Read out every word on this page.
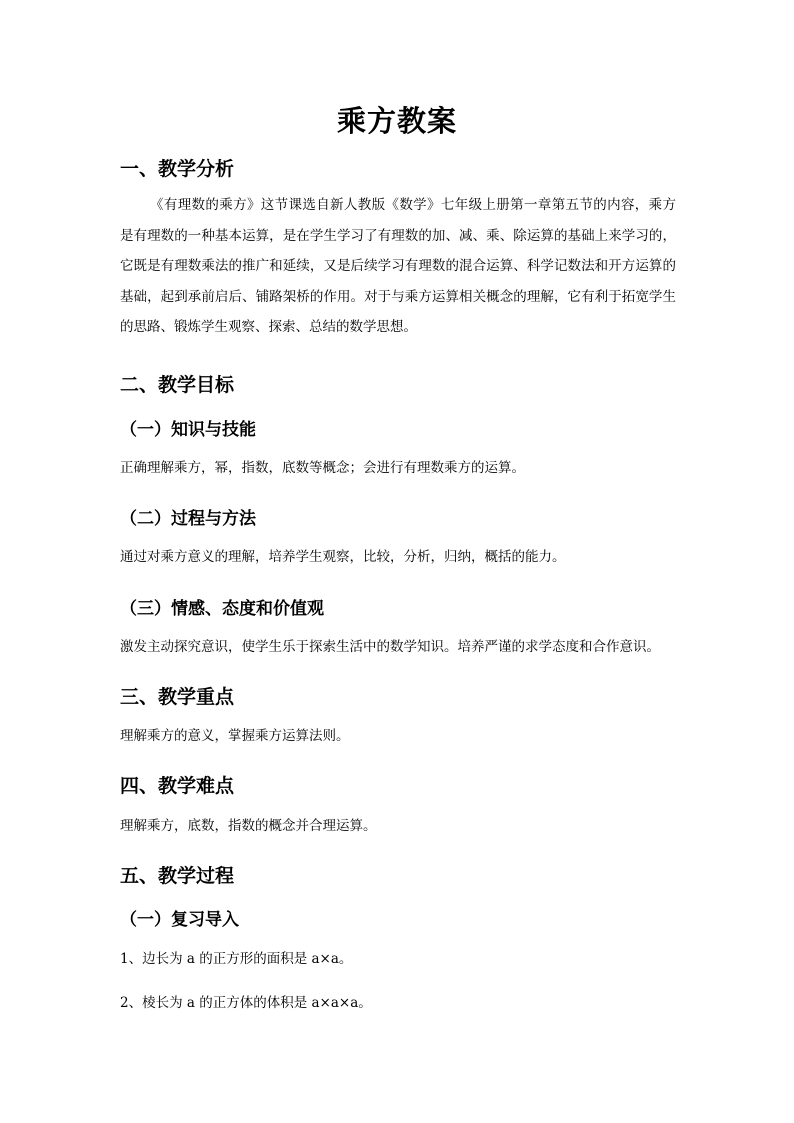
乘方教案
一、教学分析

《有理数的乘方》这节课选自新人教版《数学》七年级上册第一章第五节的内容，乘方是有理数的一种基本运算，是在学生学习了有理数的加、减、乘、除运算的基础上来学习的，它既是有理数乘法的推广和延续，又是后续学习有理数的混合运算、科学记数法和开方运算的基础，起到承前启后、铺路架桥的作用。对于与乘方运算相关概念的理解，它有利于拓宽学生的思路、锻炼学生观察、探索、总结的数学思想。

二、教学目标
（一）知识与技能

正确理解乘方，幂，指数，底数等概念；会进行有理数乘方的运算。

（二）过程与方法

通过对乘方意义的理解，培养学生观察，比较，分析，归纳，概括的能力。

（三）情感、态度和价值观

激发主动探究意识，使学生乐于探索生活中的数学知识。培养严谨的求学态度和合作意识。

三、教学重点

理解乘方的意义，掌握乘方运算法则。

四、教学难点

理解乘方，底数，指数的概念并合理运算。

五、教学过程
（一）复习导入

1、边长为 a 的正方形的面积是 a×a。

2、棱长为 a 的正方体的体积是 a×a×a。
